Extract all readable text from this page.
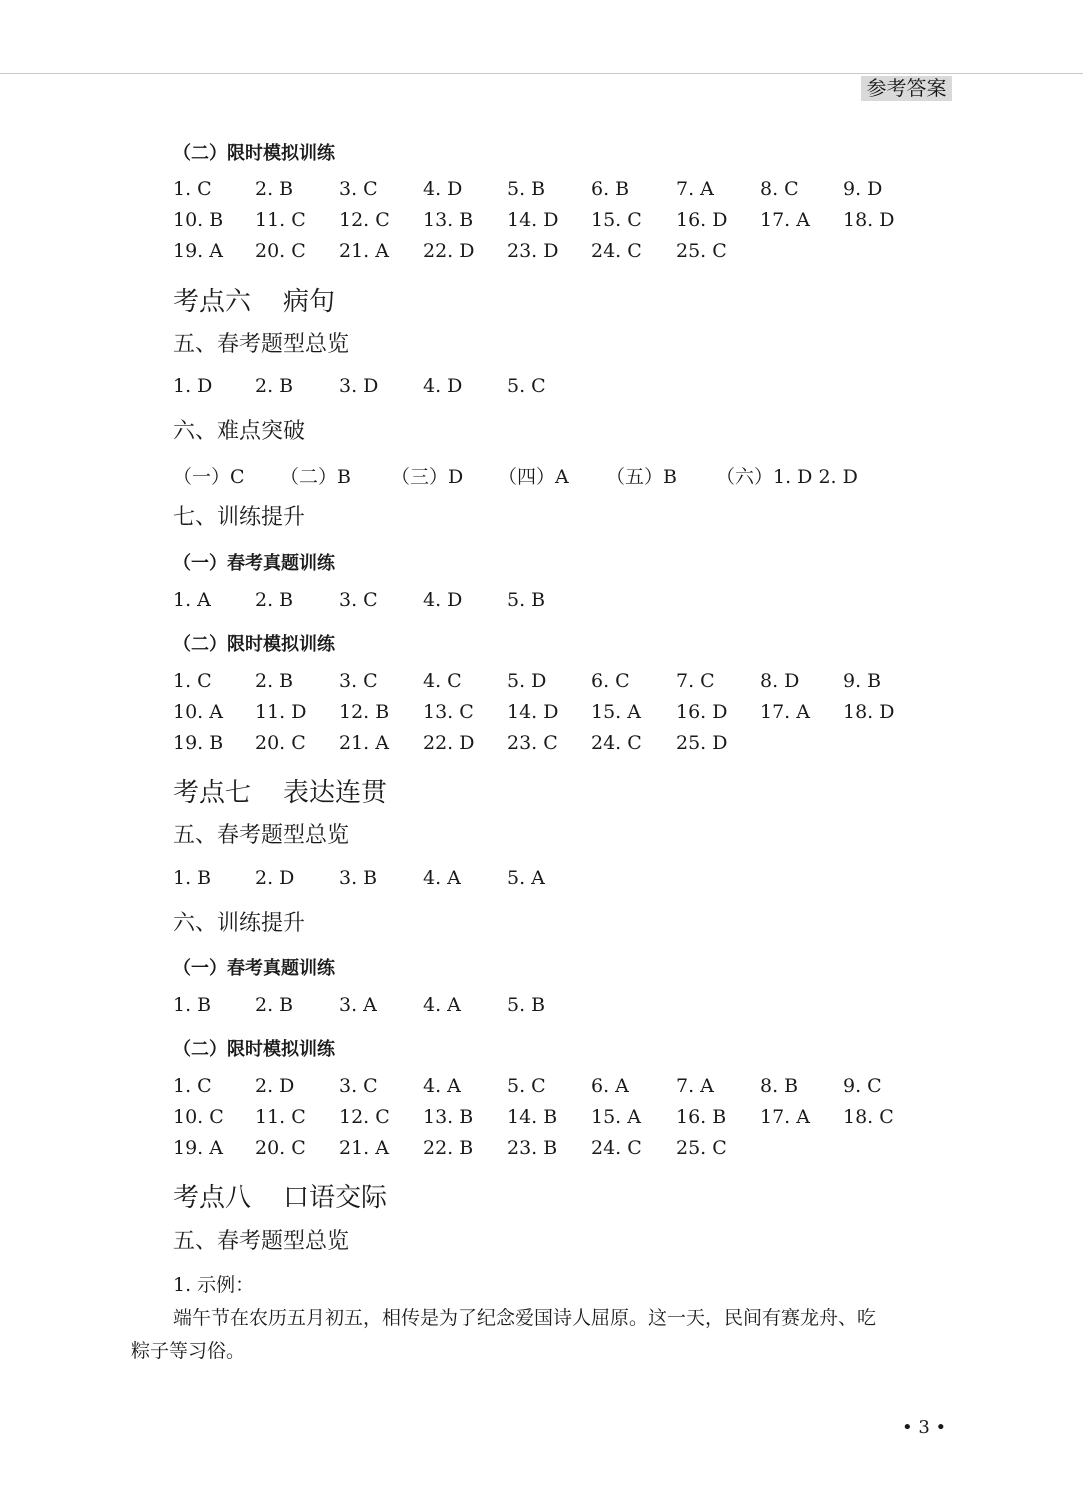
参考答案
（二）限时模拟训练
1. C 2. B 3. C 4. D 5. B 6. B 7. A 8. C 9. D
10. B 11. C 12. C 13. B 14. D 15. C 16. D 17. A 18. D
19. A 20. C 21. A 22. D 23. D 24. C 25. C
考点六 病句
五、春考题型总览
1. D 2. B 3. D 4. D 5. C
六、难点突破
（一）C （二）B （三）D （四）A （五）B （六）1. D 2. D
七、训练提升
（一）春考真题训练
1. A 2. B 3. C 4. D 5. B
（二）限时模拟训练
1. C 2. B 3. C 4. C 5. D 6. C 7. C 8. D 9. B
10. A 11. D 12. B 13. C 14. D 15. A 16. D 17. A 18. D
19. B 20. C 21. A 22. D 23. C 24. C 25. D
考点七 表达连贯
五、春考题型总览
1. B 2. D 3. B 4. A 5. A
六、训练提升
（一）春考真题训练
1. B 2. B 3. A 4. A 5. B
（二）限时模拟训练
1. C 2. D 3. C 4. A 5. C 6. A 7. A 8. B 9. C
10. C 11. C 12. C 13. B 14. B 15. A 16. B 17. A 18. C
19. A 20. C 21. A 22. B 23. B 24. C 25. C
考点八 口语交际
五、春考题型总览
1. 示例：
端午节在农历五月初五，相传是为了纪念爱国诗人屈原。这一天，民间有赛龙舟、吃
粽子等习俗。
• 3 •
